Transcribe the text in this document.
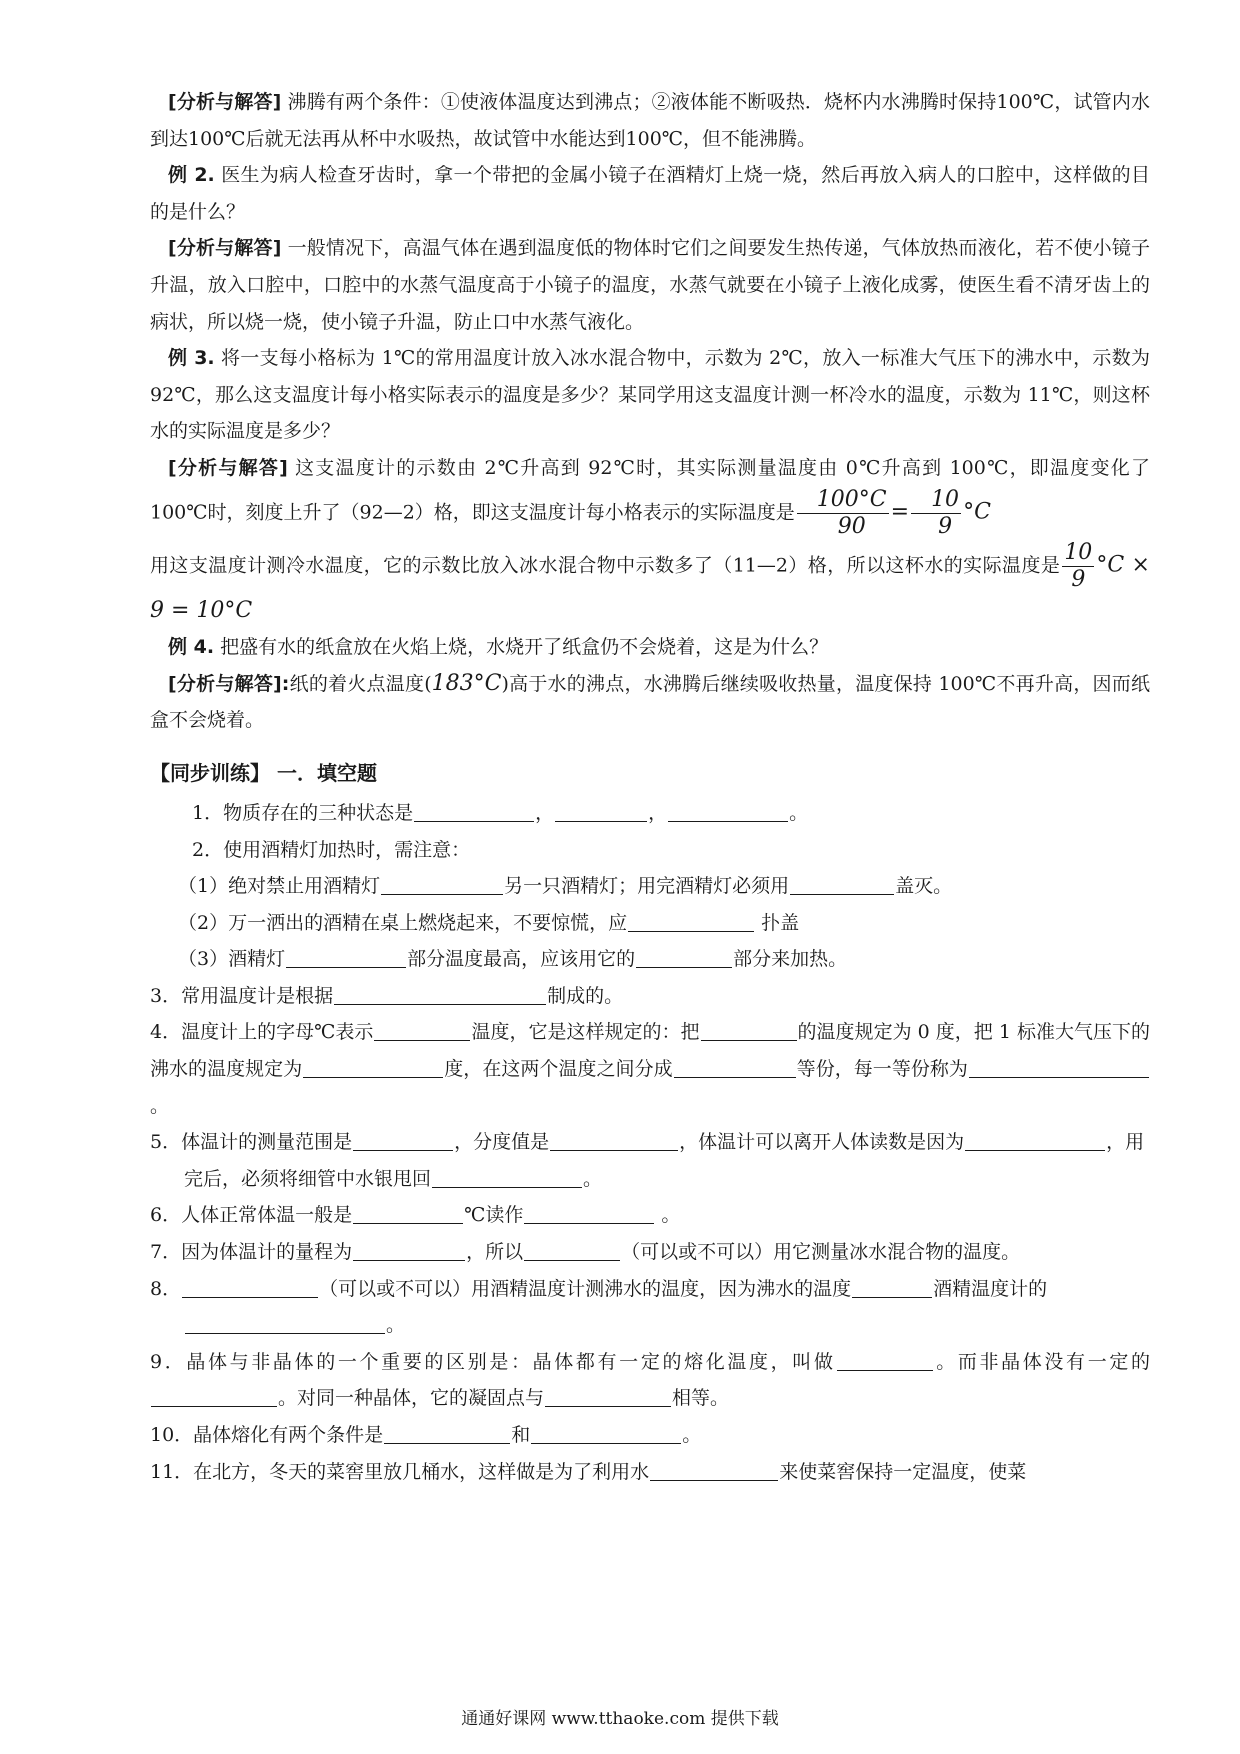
[分析与解答] 沸腾有两个条件：①使液体温度达到沸点；②液体能不断吸热．烧杯内水沸腾时保持100℃，试管内水到达100℃后就无法再从杯中水吸热，故试管中水能达到100℃，但不能沸腾。

例 2. 医生为病人检查牙齿时，拿一个带把的金属小镜子在酒精灯上烧一烧，然后再放入病人的口腔中，这样做的目的是什么？

[分析与解答] 一般情况下，高温气体在遇到温度低的物体时它们之间要发生热传递，气体放热而液化，若不使小镜子升温，放入口腔中，口腔中的水蒸气温度高于小镜子的温度，水蒸气就要在小镜子上液化成雾，使医生看不清牙齿上的病状，所以烧一烧，使小镜子升温，防止口中水蒸气液化。

例 3. 将一支每小格标为 1℃的常用温度计放入冰水混合物中，示数为 2℃，放入一标准大气压下的沸水中，示数为 92℃，那么这支温度计每小格实际表示的温度是多少？某同学用这支温度计测一杯冷水的温度，示数为 11℃，则这杯水的实际温度是多少？

[分析与解答] 这支温度计的示数由 2℃升高到 92℃时，其实际测量温度由 0℃升高到 100℃，即温度变化了 100℃时，刻度上升了（92—2）格，即这支温度计每小格表示的实际温度是 $\frac{100^\circ C}{90} = \frac{10}{9} ^\circ C$

用这支温度计测冷水温度，它的示数比放入冰水混合物中示数多了（11—2）格，所以这杯水的实际温度是 $\frac{10}{9} ^\circ C \times 9 = 10^\circ C$

例 4. 把盛有水的纸盒放在火焰上烧，水烧开了纸盒仍不会烧着，这是为什么？

[分析与解答]:纸的着火点温度(183°C)高于水的沸点，水沸腾后继续吸收热量，温度保持 100℃不再升高，因而纸盒不会烧着。

【同步训练】 一．填空题

1．物质存在的三种状态是	，	，	。

2．使用酒精灯加热时，需注意：

（1）绝对禁止用酒精灯	另一只酒精灯；用完酒精灯必须用	盖灭。

（2）万一洒出的酒精在桌上燃烧起来，不要惊慌，应	扑盖

（3）酒精灯	部分温度最高，应该用它的	部分来加热。

3．常用温度计是根据	制成的。

4．温度计上的字母℃表示	温度，它是这样规定的：把	的温度规定为 0 度，把 1 标准大气压下的沸水的温度规定为	度，在这两个温度之间分成	等份，每一等份称为。

5．体温计的测量范围是	，分度值是	，体温计可以离开人体读数是因为	，用完后，必须将细管中水银甩回	。

6．人体正常体温一般是	℃读作	。

7．因为体温计的量程为	，所以	（可以或不可以）用它测量冰水混合物的温度。

8．	（可以或不可以）用酒精温度计测沸水的温度，因为沸水的温度	酒精温度计的。

9．晶体与非晶体的一个重要的区别是：晶体都有一定的熔化温度，叫做	。而非晶体没有一定的。对同一种晶体，它的凝固点与	相等。

10．晶体熔化有两个条件是	和	。

11．在北方，冬天的菜窖里放几桶水，这样做是为了利用水	来使菜窖保持一定温度，使菜

通通好课网 www.tthaoke.com 提供下载
